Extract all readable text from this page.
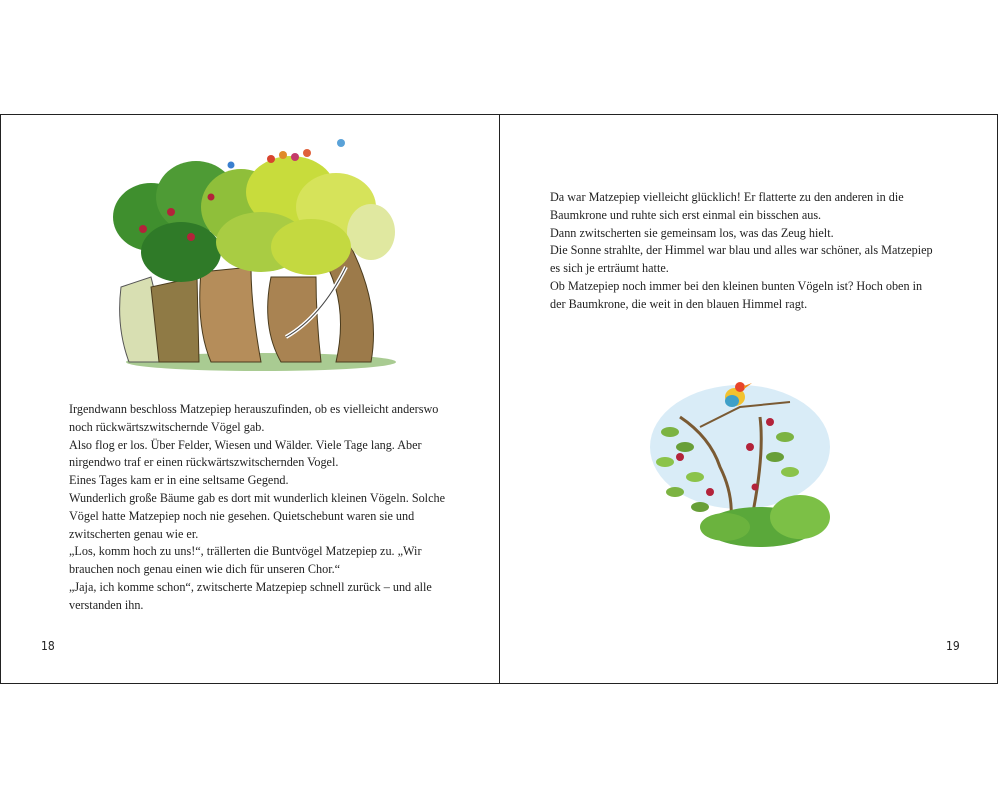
Irgendwann beschloss Matzepiep herauszufinden, ob es vielleicht anderswo noch rückwärtszwitschernde Vögel gab.

Also flog er los. Über Felder, Wiesen und Wälder. Viele Tage lang. Aber nirgendwo traf er einen rückwärtszwitschernden Vogel.

Eines Tages kam er in eine seltsame Gegend.

Wunderlich große Bäume gab es dort mit wunderlich kleinen Vögeln. Solche Vögel hatte Matzepiep noch nie gesehen. Quietschebunt waren sie und zwitscherten genau wie er.

„Los, komm hoch zu uns!“, trällerten die Buntvögel Matzepiep zu. „Wir brauchen noch genau einen wie dich für unseren Chor.“

„Jaja, ich komme schon“, zwitscherte Matzepiep schnell zurück – und alle verstanden ihn.

18

Da war Matzepiep vielleicht glücklich! Er flatterte zu den anderen in die Baumkrone und ruhte sich erst einmal ein bisschen aus.

Dann zwitscherten sie gemeinsam los, was das Zeug hielt.

Die Sonne strahlte, der Himmel war blau und alles war schöner, als Matzepiep es sich je erträumt hatte.

Ob Matzepiep noch immer bei den kleinen bunten Vögeln ist? Hoch oben in der Baumkrone, die weit in den blauen Himmel ragt.

19
